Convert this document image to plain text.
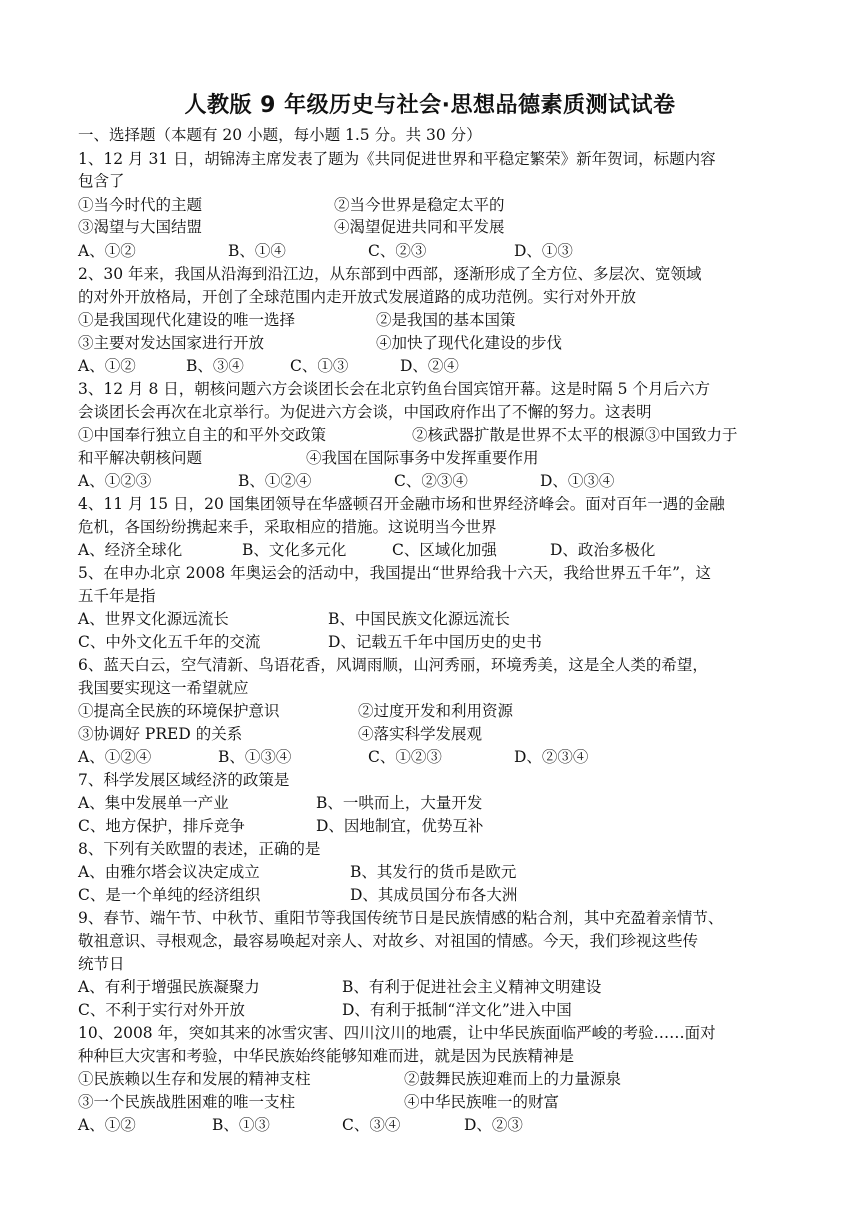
人教版 9 年级历史与社会·思想品德素质测试试卷
一、选择题（本题有 20 小题，每小题 1.5 分。共 30 分）
1、12 月 31 日，胡锦涛主席发表了题为《共同促进世界和平稳定繁荣》新年贺词，标题内容
包含了
①当今时代的主题	②当今世界是稳定太平的
③渴望与大国结盟	④渴望促进共同和平发展
A、①②	B、①④	C、②③	D、①③
2、30 年来，我国从沿海到沿江边，从东部到中西部，逐渐形成了全方位、多层次、宽领域
的对外开放格局，开创了全球范围内走开放式发展道路的成功范例。实行对外开放
①是我国现代化建设的唯一选择	②是我国的基本国策
③主要对发达国家进行开放	④加快了现代化建设的步伐
A、①②	B、③④	C、①③	D、②④
3、12 月 8 日，朝核问题六方会谈团长会在北京钓鱼台国宾馆开幕。这是时隔 5 个月后六方
会谈团长会再次在北京举行。为促进六方会谈，中国政府作出了不懈的努力。这表明
①中国奉行独立自主的和平外交政策	②核武器扩散是世界不太平的根源③中国致力于
和平解决朝核问题	④我国在国际事务中发挥重要作用
A、①②③	B、①②④	C、②③④	D、①③④
4、11 月 15 日，20 国集团领导在华盛顿召开金融市场和世界经济峰会。面对百年一遇的金融
危机，各国纷纷携起来手，采取相应的措施。这说明当今世界
A、经济全球化	B、文化多元化	C、区域化加强	D、政治多极化
5、在申办北京 2008 年奥运会的活动中，我国提出“世界给我十六天，我给世界五千年”，这
五千年是指
A、世界文化源远流长	B、中国民族文化源远流长
C、中外文化五千年的交流	D、记载五千年中国历史的史书
6、蓝天白云，空气清新、鸟语花香，风调雨顺，山河秀丽，环境秀美，这是全人类的希望，
我国要实现这一希望就应
①提高全民族的环境保护意识	②过度开发和利用资源
③协调好 PRED 的关系	④落实科学发展观
A、①②④	B、①③④	C、①②③	D、②③④
7、科学发展区域经济的政策是
A、集中发展单一产业	B、一哄而上，大量开发
C、地方保护，排斥竞争	D、因地制宜，优势互补
8、下列有关欧盟的表述，正确的是
A、由雅尔塔会议决定成立	B、其发行的货币是欧元
C、是一个单纯的经济组织	D、其成员国分布各大洲
9、春节、端午节、中秋节、重阳节等我国传统节日是民族情感的粘合剂，其中充盈着亲情节、
敬祖意识、寻根观念，最容易唤起对亲人、对故乡、对祖国的情感。今天，我们珍视这些传
统节日
A、有利于增强民族凝聚力	B、有利于促进社会主义精神文明建设
C、不利于实行对外开放	D、有利于抵制“洋文化”进入中国
10、2008 年，突如其来的冰雪灾害、四川汶川的地震，让中华民族面临严峻的考验……面对
种种巨大灾害和考验，中华民族始终能够知难而进，就是因为民族精神是
①民族赖以生存和发展的精神支柱	②鼓舞民族迎难而上的力量源泉
③一个民族战胜困难的唯一支柱	④中华民族唯一的财富
A、①②	B、①③	C、③④	D、②③
